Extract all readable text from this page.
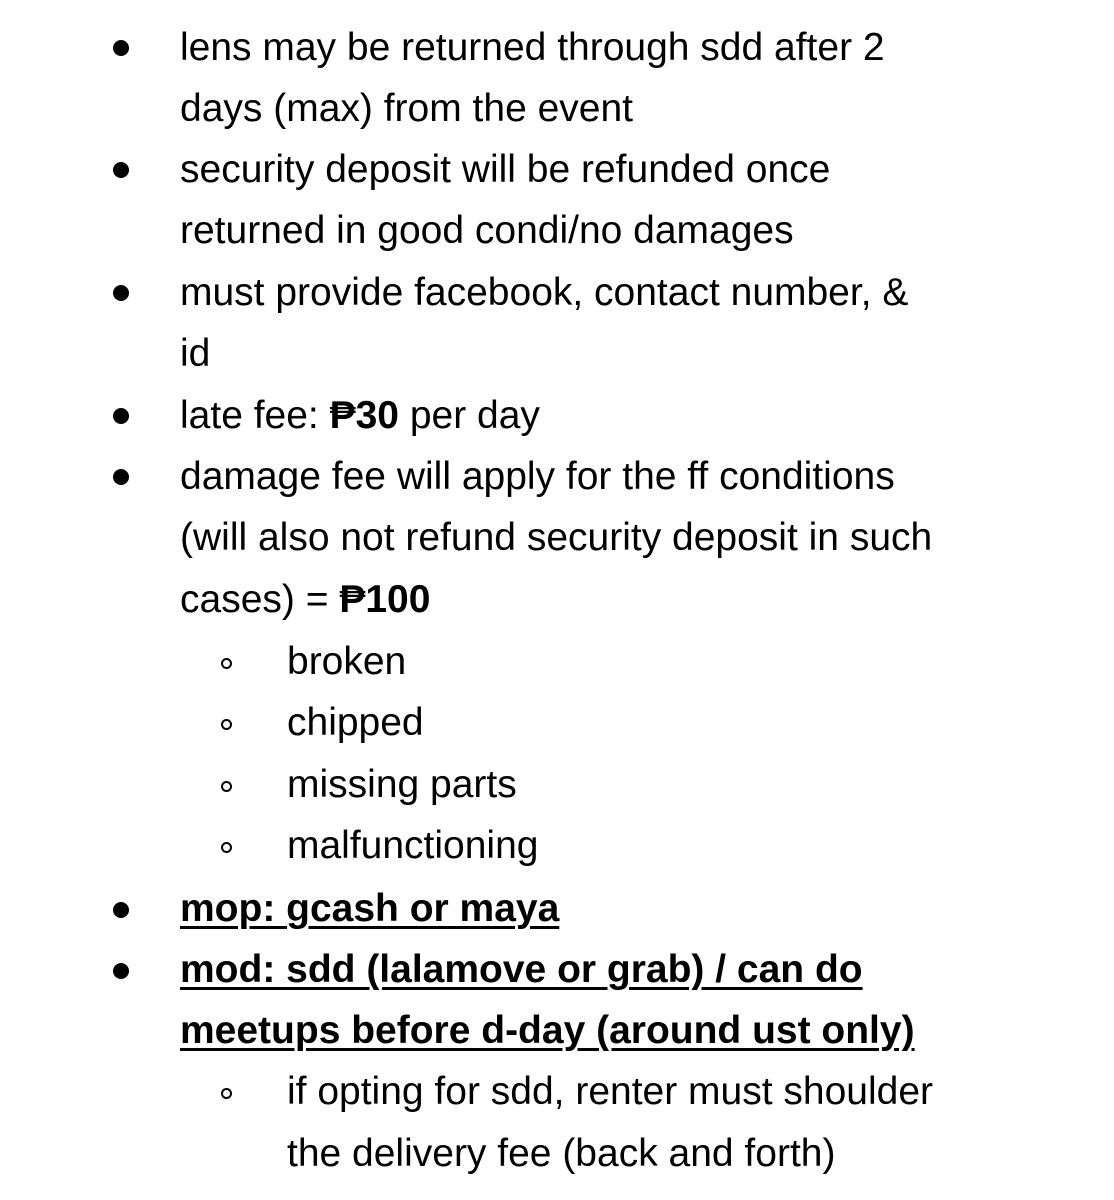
lens may be returned through sdd after 2
days (max) from the event
security deposit will be refunded once
returned in good condi/no damages
must provide facebook, contact number, &
id
late fee: ₱30 per day
damage fee will apply for the ff conditions
(will also not refund security deposit in such
cases) = ₱100
broken
chipped
missing parts
malfunctioning
mop: gcash or maya
mod: sdd (lalamove or grab) / can do
meetups before d-day (around ust only)
if opting for sdd, renter must shoulder
the delivery fee (back and forth)
